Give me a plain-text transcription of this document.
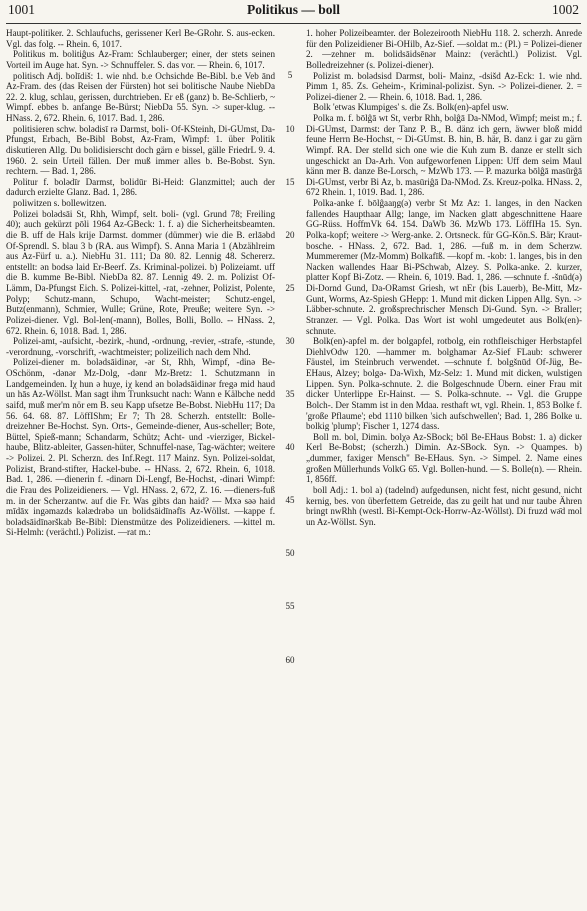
1001	Politikus — boll	1002

Haupt-politiker. 2. Schlaufuchs, gerissener Kerl Be-GRohr. S. aus-ecken. Vgl. das folg. -- Rhein. 6, 1017.

Politikus m. bolitiĝus Az-Fram: Schlauberger; einer, der stets seinen Vorteil im Auge hat. Syn. -> Schnuffeler. S. das vor. — Rhein. 6, 1017.

politisch Adj. bolīdiš: 1. wie nhd. b.e Ochsichde Be-Bibl. b.e Veb ānd Az-Fram. des (das Reisen der Fürsten) hot sei bolitische Naube NiebDa 22. 2. klug, schlau, gerissen, durchtrieben. Er eß (ganz) b. Be-Schlierb, ~ Wimpf. ebbes b. anfange Be-Bürst; NiebDa 55. Syn. -> super-klug. -- HNass. 2, 672. Rhein. 6, 1017. Bad. 1, 286.

politisieren schw. bolədisī rə Darmst, boli- Of-KSteinh, Di-GUmst, Da-Pfungst, Erbach, Be-Bibl Bobst, Az-Fram, Wimpf: 1. über Politik diskutieren Allg. Du bolidisierscht doch gärn e bissel, gälle FriedrL 9. 4. 1960. 2. sein Urteil fällen. Der muß immer alles b. Be-Bobst. Syn. rechtern. — Bad. 1, 286.

Politur f. bolədīr Darmst, bolidūr Bi-Heid: Glanzmittel; auch der dadurch erzielte Glanz. Bad. 1, 286.

poliwitzen s. bollewitzen.

Polizei bolədsāi St, Rhh, Wimpf, selt. boli- (vgl. Grund 78; Freiling 40); auch gekürzt pōli 1964 Az-GBeck: 1. f. a) die Sicherheitsbeamten. die B. uff de Hals krije Darmst. dommer (dümmer) wie die B. erlāəbd Of-Sprendl. S. blau 3 b (RA. aus Wimpf). S. Anna Maria 1 (Abzählreim aus Az-Fürf u. a.). NiebHu 31. 111; Da 80. 82. Lennig 48. Schererz. entstellt: ən bodsə laid Er-Beerf. Zs. Kriminal-polizei. b) Polizeiamt. uff die B. kumme Be-Bibl. NiebDa 82. 87. Lennig 49. 2. m. Polizist Of-Lämm, Da-Pfungst Eich. S. Polizei-kittel, -rat, -zehner, Polizist, Polente, Polyp; Schutz-mann, Schupo, Wacht-meister; Schutz-engel, Butz(enmann), Schmier, Wulle; Grüne, Rote, Preuße; weitere Syn. -> Polizei-diener. Vgl. Bol-len(-mann), Bolles, Bolli, Bollo. -- HNass. 2, 672. Rhein. 6, 1018. Bad. 1, 286.

Polizei-amt, -aufsicht, -bezirk, -hund, -ordnung, -revier, -strafe, -stunde, -verordnung, -vorschrift, -wachtmeister; polizeilich nach dem Nhd.

Polizei-diener m. bolədsāidinər, -ər St, Rhh, Wimpf, -dinə Be-OSchönm, -dənər Mz-Dolg, -dənr Mz-Bretz: 1. Schutzmann in Landgemeinden. Iχ hun ə huχe, iχ kend ən bolədsāidinər fregə mid haud un hās Az-Wöllst. Man sagt ihm Trunksucht nach: Wann e Kälbche nedd saifd, muß mer'm nör em B. seu Kapp ufsetze Be-Bobst. NiebHu 117; Da 56. 64. 68. 87. LöffIShm; Er 7; Th 28. Scherzh. entstellt: Bolle-dreizehner Be-Hochst. Syn. Orts-, Gemeinde-diener, Aus-scheller; Bote, Büttel, Spieß-mann; Schandarm, Schütz; Acht- und -vierziger, Bickel-haube, Blitz-ableiter, Gassen-hüter, Schnuffel-nase, Tag-wächter; weitere -> Polizei. 2. Pl. Scherzn. des Inf.Regt. 117 Mainz. Syn. Polizei-soldat, Polizist, Brand-stifter, Hackel-bube. -- HNass. 2, 672. Rhein. 6, 1018. Bad. 1, 286. —dienerin f. -dinərn Di-Lengf, Be-Hochst, -dinəri Wimpf: die Frau des Polizeidieners. — Vgl. HNass. 2, 672, Z. 16. —dieners-fuß m. in der Scherzantw. auf die Fr. Was gibts dan haid? — Mxə səə haid mīdāx ingəmazds kəlædrəbə un bolidsāidīnəfīs Az-Wöllst. —kappe f. bolədsāidīnərškab Be-Bibl: Dienstmütze des Polizeidieners. —kittel m. Si-Helmh: (verächtl.) Polizist. —rat m.:

5
10
15
20
25
30
35
40
45
50
55
60

1. hoher Polizeibeamter. der Bolezeirooth NiebHu 118. 2. scherzh. Anrede für den Polizeidiener Bi-OHilb, Az-Sief. —soldat m.: (Pl.) = Polizei-diener 2. —zehner m. bolidsāidsēnər Mainz: (verächtl.) Polizist. Vgl. Bolledreizehner (s. Polizei-diener).

Polizist m. bolədsisd Darmst, boli- Mainz, -dsišd Az-Eck: 1. wie nhd. Pimm 1, 85. Zs. Geheim-, Kriminal-polizist. Syn. -> Polizei-diener. 2. = Polizei-diener 2. — Rhein. 6, 1018. Bad. 1, 286.

Bolk 'etwas Klumpiges' s. die Zs. Bolk(en)-apfel usw.

Polka m. f. bōlĝā wt St, verbr Rhh, bolĝā Da-NMod, Wimpf; meist m.; f. Di-GUmst, Darmst: der Tanz P. B., B. dänz ich gern, äwwer bloß midd feune Herrn Be-Hochst, ~ Di-GUmst. B. hin, B. här, B. danz i gar zu gärn Wimpf. RA. Der stelld sich one wie die Kuh zum B. danze er stellt sich ungeschickt an Da-Arh. Von aufgeworfenen Lippen: Uff dem seim Maul känn mer B. danze Be-Lorsch, ~ MzWb 173. — P. mazurka bōlĝā masūrĝā Di-GUmst, verbr Bi Az, b. masūriĝā Da-NMod. Zs. Kreuz-polka. HNass. 2, 672 Rhein. 1, 1019. Bad. 1, 286.

Polka-anke f. bōlĝaaŋg(ə) verbr St Mz Az: 1. langes, in den Nacken fallendes Haupthaar Allg; lange, im Nacken glatt abgeschnittene Haare GG-Rüss. HoffmVk 64. 154. DaWb 36. MzWb 173. LöffIHa 15. Syn. Polka-kopf; weitere -> Werg-anke. 2. Ortsneck. für GG-Kön.S. Bär; Kraut-bosche. - HNass. 2, 672. Bad. 1, 286. —fuß m. in dem Scherzw. Mummeremer (Mz-Momm) Bolkafīß. —kopf m. -kob: 1. langes, bis in den Nacken wallendes Haar Bi-PSchwab, Alzey. S. Polka-anke. 2. kurzer, platter Kopf Bi-Zotz. — Rhein. 6, 1019. Bad. 1, 286. —schnute f. -šnūd(ə) Di-Dornd Gund, Da-ORamst Griesh, wt nEr (bis Lauerb), Be-Mitt, Mz-Gunt, Worms, Az-Spiesh GHepp: 1. Mund mit dicken Lippen Allg. Syn. -> Läbber-schnute. 2. großsprechrischer Mensch Di-Gund. Syn. -> Braller; Stranzer. — Vgl. Polka. Das Wort ist wohl umgedeutet aus Bolk(en)-schnute.

Bolk(en)-apfel m. der bolgapfel, rotbolg, ein rothfleischiger Herbstapfel DiehlvOdw 120. —hammer m. bolghamər Az-Sief FLaub: schwerer Fäustel, im Steinbruch verwendet. —schnute f. bolgšnūd Of-Jüg, Be-EHaus, Alzey; bolgə- Da-Wixh, Mz-Selz: 1. Mund mit dicken, wulstigen Lippen. Syn. Polka-schnute. 2. die Bolgeschnude Übern. einer Frau mit dicker Unterlippe Er-Hainst. — S. Polka-schnute. -- Vgl. die Gruppe Bolch-. Der Stamm ist in den Mdaa. resthaft wt, vgl. Rhein. 1, 853 Bolke f. 'große Pflaume'; ebd 1110 bilken 'sich aufschwellen'; Bad. 1, 286 Bolke u. bolkig 'plump'; Fischer 1, 1274 dass.

Boll m. bol, Dimin. bolχə Az-SBock; bōl Be-EHaus Bobst: 1. a) dicker Kerl Be-Bobst; (scherzh.) Dimin. Az-SBock. Syn. -> Quampes. b) „dummer, faxiger Mensch" Be-EHaus. Syn. -> Simpel. 2. Name eines großen Müllerhunds VolkG 65. Vgl. Bollen-hund. — S. Bolle(n). — Rhein. 1, 856ff.

boll Adj.: 1. bol a) (tadelnd) aufgedunsen, nicht fest, nicht gesund, nicht kernig, bes. von überfettem Getreide, das zu geilt hat und nur taube Ähren bringt nwRhh (westl. Bi-Kempt-Ock-Horrw-Az-Wöllst). Di fruzd wə̄d mol un Az-Wöllst. Syn.
